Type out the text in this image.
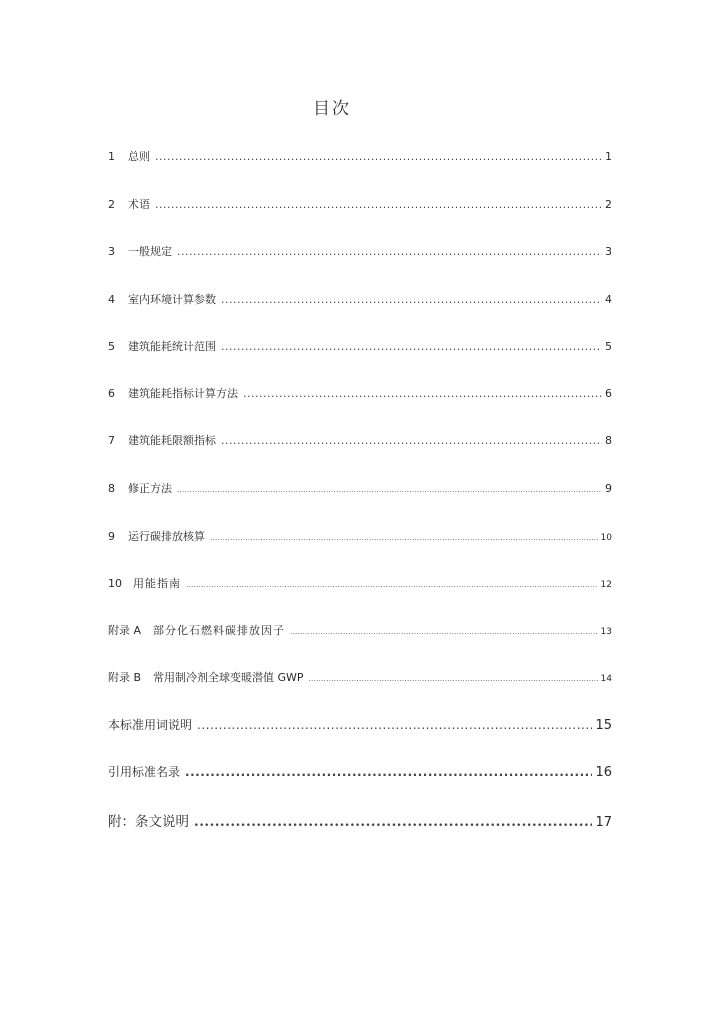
目次
1	总则 .....	1
2	术语 .....	2
3	一般规定 .....	3
4	室内环境计算参数 .....	4
5	建筑能耗统计范围 .....	5
6	建筑能耗指标计算方法 .....	6
7	建筑能耗限额指标 .....	8
8	修正方法 .....	9
9	运行碳排放核算 .....	10
10	用能指南 .....	12
附录 A	部分化石燃料碳排放因子 .....	13
附录 B	常用制冷剂全球变暖潜值 GWP .....	14
本标准用词说明 .....	15
引用标准名录 .....	16
附：条文说明 .....	17
